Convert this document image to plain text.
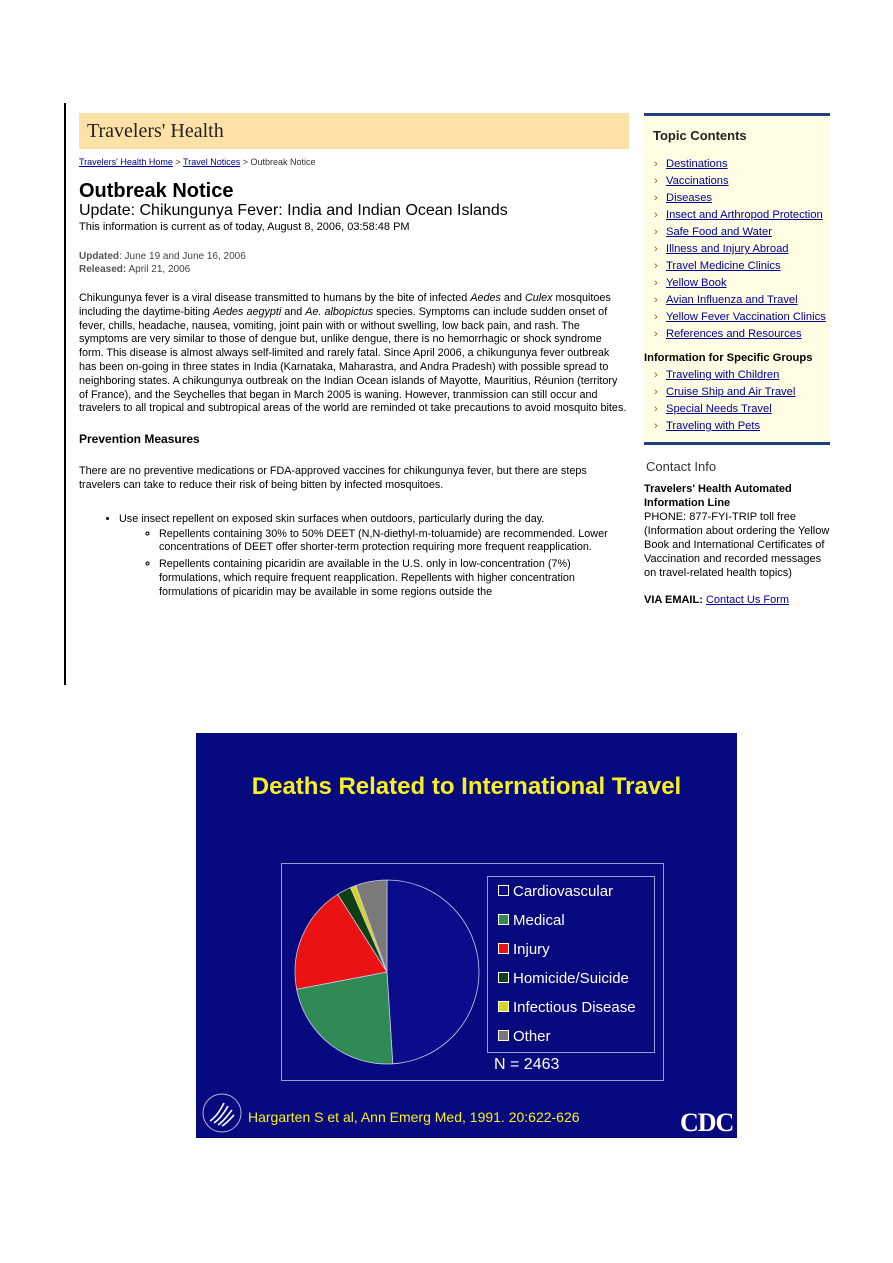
Travelers' Health
Travelers' Health Home > Travel Notices > Outbreak Notice
Outbreak Notice
Update: Chikungunya Fever: India and Indian Ocean Islands
This information is current as of today, August 8, 2006, 03:58:48 PM
Updated: June 19 and June 16, 2006
Released: April 21, 2006
Chikungunya fever is a viral disease transmitted to humans by the bite of infected Aedes and Culex mosquitoes including the daytime-biting Aedes aegypti and Ae. albopictus species. Symptoms can include sudden onset of fever, chills, headache, nausea, vomiting, joint pain with or without swelling, low back pain, and rash. The symptoms are very similar to those of dengue but, unlike dengue, there is no hemorrhagic or shock syndrome form. This disease is almost always self-limited and rarely fatal. Since April 2006, a chikungunya fever outbreak has been on-going in three states in India (Karnataka, Maharastra, and Andra Pradesh) with possible spread to neighboring states. A chikungunya outbreak on the Indian Ocean islands of Mayotte, Mauritius, Réunion (territory of France), and the Seychelles that began in March 2005 is waning. However, tranmission can still occur and travelers to all tropical and subtropical areas of the world are reminded ot take precautions to avoid mosquito bites.
Prevention Measures
There are no preventive medications or FDA-approved vaccines for chikungunya fever, but there are steps travelers can take to reduce their risk of being bitten by infected mosquitoes.
• Use insect repellent on exposed skin surfaces when outdoors, particularly during the day.
◦ Repellents containing 30% to 50% DEET (N,N-diethyl-m-toluamide) are recommended. Lower concentrations of DEET offer shorter-term protection requiring more frequent reapplication.
◦ Repellents containing picaridin are available in the U.S. only in low-concentration (7%) formulations, which require frequent reapplication. Repellents with higher concentration formulations of picaridin may be available in some regions outside the
Topic Contents
› Destinations
› Vaccinations
› Diseases
› Insect and Arthropod Protection
› Safe Food and Water
› Illness and Injury Abroad
› Travel Medicine Clinics
› Yellow Book
› Avian Influenza and Travel
› Yellow Fever Vaccination Clinics
› References and Resources
Information for Specific Groups
› Traveling with Children
› Cruise Ship and Air Travel
› Special Needs Travel
› Traveling with Pets
Contact Info
Travelers' Health Automated Information Line
PHONE: 877-FYI-TRIP toll free (Information about ordering the Yellow Book and International Certificates of Vaccination and recorded messages on travel-related health topics)
VIA EMAIL: Contact Us Form
Deaths Related to International Travel
Cardiovascular
Medical
Injury
Homicide/Suicide
Infectious Disease
Other
N = 2463
Hargarten S et al, Ann Emerg Med, 1991. 20:622-626	CDC
